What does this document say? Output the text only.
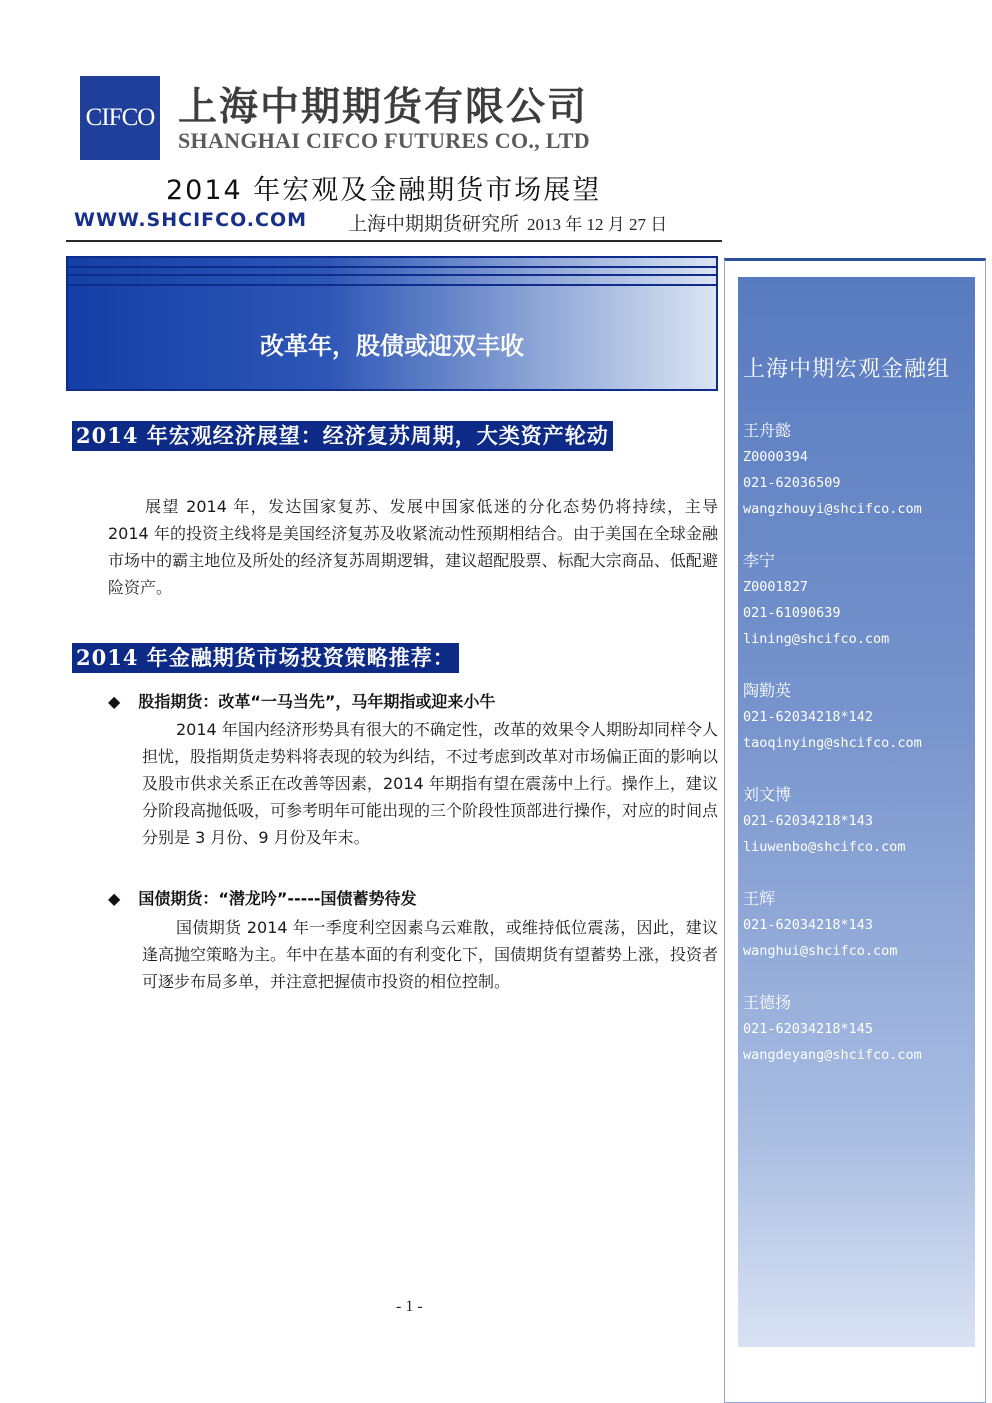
CIFCO 上海中期期货有限公司
SHANGHAI CIFCO FUTURES CO., LTD
2014 年宏观及金融期货市场展望
WWW.SHCIFCO.COM 上海中期期货研究所 2013 年 12 月 27 日
改革年，股债或迎双丰收
上海中期宏观金融组
王舟懿
Z0000394
021-62036509
wangzhouyi@shcifco.com
李宁
Z0001827
021-61090639
lining@shcifco.com
陶勤英
021-62034218*142
taoqinying@shcifco.com
刘文博
021-62034218*143
liuwenbo@shcifco.com
王辉
021-62034218*143
wanghui@shcifco.com
王德扬
021-62034218*145
wangdeyang@shcifco.com
2014 年宏观经济展望：经济复苏周期，大类资产轮动
展望 2014 年，发达国家复苏、发展中国家低迷的分化态势仍将持续，主导 2014 年的投资主线将是美国经济复苏及收紧流动性预期相结合。由于美国在全球金融市场中的霸主地位及所处的经济复苏周期逻辑，建议超配股票、标配大宗商品、低配避险资产。
2014 年金融期货市场投资策略推荐：
◆ 股指期货：改革“一马当先”，马年期指或迎来小牛
2014 年国内经济形势具有很大的不确定性，改革的效果令人期盼却同样令人担忧，股指期货走势料将表现的较为纠结，不过考虑到改革对市场偏正面的影响以及股市供求关系正在改善等因素，2014 年期指有望在震荡中上行。操作上，建议分阶段高抛低吸，可参考明年可能出现的三个阶段性顶部进行操作，对应的时间点分别是 3 月份、9 月份及年末。
◆ 国债期货：“潜龙吟”-----国债蓄势待发
国债期货 2014 年一季度利空因素乌云难散，或维持低位震荡，因此，建议逢高抛空策略为主。年中在基本面的有利变化下，国债期货有望蓄势上涨，投资者可逐步布局多单，并注意把握债市投资的相位控制。
- 1 -
